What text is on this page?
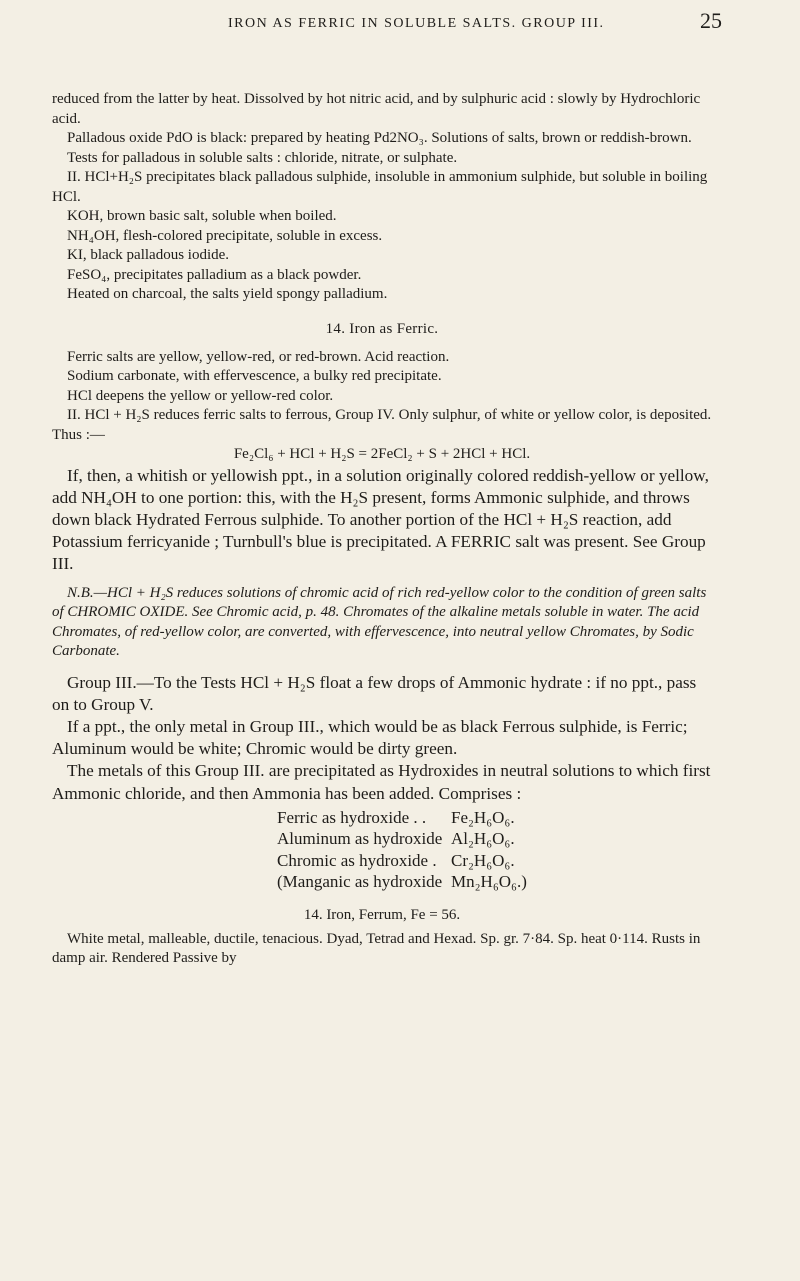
IRON AS FERRIC IN SOLUBLE SALTS. GROUP III.	25

reduced from the latter by heat. Dissolved by hot nitric acid, and by sulphuric acid : slowly by Hydrochloric acid.

Palladous oxide PdO is black: prepared by heating Pd2NO₃. Solutions of salts, brown or reddish-brown.

Tests for palladous in soluble salts : chloride, nitrate, or sulphate.

II. HCl+H₂S precipitates black palladous sulphide, insoluble in ammonium sulphide, but soluble in boiling HCl.

KOH, brown basic salt, soluble when boiled.

NH₄OH, flesh-colored precipitate, soluble in excess.

KI, black palladous iodide.

FeSO₄, precipitates palladium as a black powder.

Heated on charcoal, the salts yield spongy palladium.

14. Iron as Ferric.

Ferric salts are yellow, yellow-red, or red-brown. Acid reaction.

Sodium carbonate, with effervescence, a bulky red precipitate.

HCl deepens the yellow or yellow-red color.

II. HCl + H₂S reduces ferric salts to ferrous, Group IV. Only sulphur, of white or yellow color, is deposited. Thus :—

Fe₂Cl₆ + HCl + H₂S = 2FeCl₂ + S + 2HCl + HCl.

If, then, a whitish or yellowish ppt., in a solution originally colored reddish-yellow or yellow, add NH₄OH to one portion: this, with the H₂S present, forms Ammonic sulphide, and throws down black Hydrated Ferrous sulphide. To another portion of the HCl + H₂S reaction, add Potassium ferricyanide ; Turnbull's blue is precipitated. A FERRIC salt was present. See Group III.

N.B.—HCl + H₂S reduces solutions of chromic acid of rich red-yellow color to the condition of green salts of CHROMIC OXIDE. See Chromic acid, p. 48. Chromates of the alkaline metals soluble in water. The acid Chromates, of red-yellow color, are converted, with effervescence, into neutral yellow Chromates, by Sodic Carbonate.

Group III.—To the Tests HCl + H₂S float a few drops of Ammonic hydrate : if no ppt., pass on to Group V.

If a ppt., the only metal in Group III., which would be as black Ferrous sulphide, is Ferric; Aluminum would be white; Chromic would be dirty green.

The metals of this Group III. are precipitated as Hydroxides in neutral solutions to which first Ammonic chloride, and then Ammonia has been added. Comprises :

Ferric as hydroxide . .	Fe₂H₆O₆.
Aluminum as hydroxide Al₂H₆O₆.
Chromic as hydroxide . Cr₂H₆O₆.
(Manganic as hydroxide Mn₂H₆O₆.)

14. Iron, Ferrum, Fe = 56.

White metal, malleable, ductile, tenacious. Dyad, Tetrad and Hexad. Sp. gr. 7·84. Sp. heat 0·114. Rusts in damp air. Rendered Passive by
